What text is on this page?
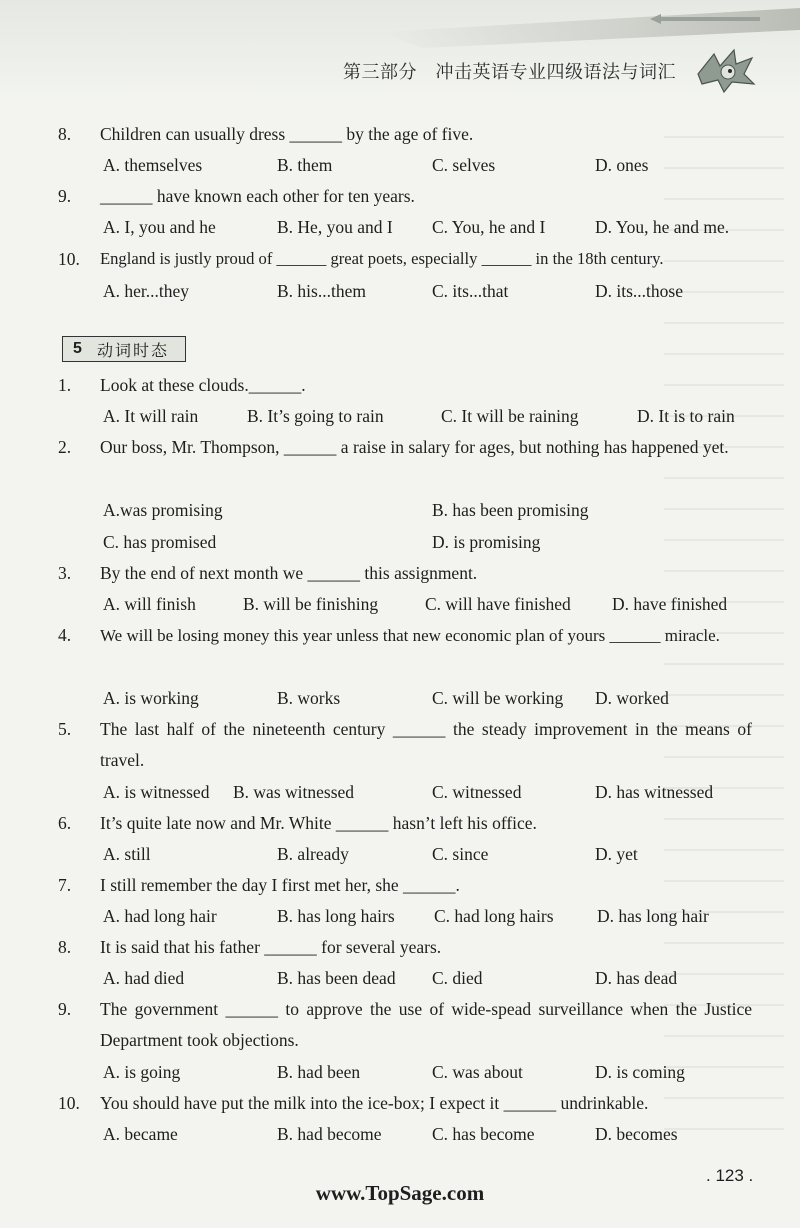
第三部分　冲击英语专业四级语法与词汇
8. Children can usually dress ______ by the age of five.
A. themselves	B. them	C. selves	D. ones
9. ______ have known each other for ten years.
A. I, you and he	B. He, you and I C. You, he and I	D. You, he and me.
10. England is justly proud of ______ great poets, especially ______ in the 18th century.
A. her...they	B. his...them	C. its...that	D. its...those
5 动词时态
1. Look at these clouds.______.
A. It will rain	B. It’s going to rain	C. It will be raining	D. It is to rain
2. Our boss, Mr. Thompson, ______ a raise in salary for ages, but nothing has happened yet.
A.was promising	B. has been promising
C. has promised	D. is promising
3. By the end of next month we ______ this assignment.
A. will finish	B. will be finishing	C. will have finished D. have finished
4. We will be losing money this year unless that new economic plan of yours ______ miracle.
A. is working	B. works	C. will be working D. worked
5. The last half of the nineteenth century ______ the steady improvement in the means of travel.
A. is witnessed B. was witnessed	C. witnessed	D. has witnessed
6. It’s quite late now and Mr. White ______ hasn’t left his office.
A. still	B. already	C. since	D. yet
7. I still remember the day I first met her, she ______.
A. had long hair	B. has long hairs C. had long hairs D. has long hair
8. It is said that his father ______ for several years.
A. had died	B. has been dead C. died	D. has dead
9. The government ______ to approve the use of wide-spead surveillance when the Justice Department took objections.
A. is going	B. had been	C. was about	D. is coming
10. You should have put the milk into the ice-box; I expect it ______ undrinkable.
A. became	B. had become	C. has become	D. becomes
. 123 .
www.TopSage.com
